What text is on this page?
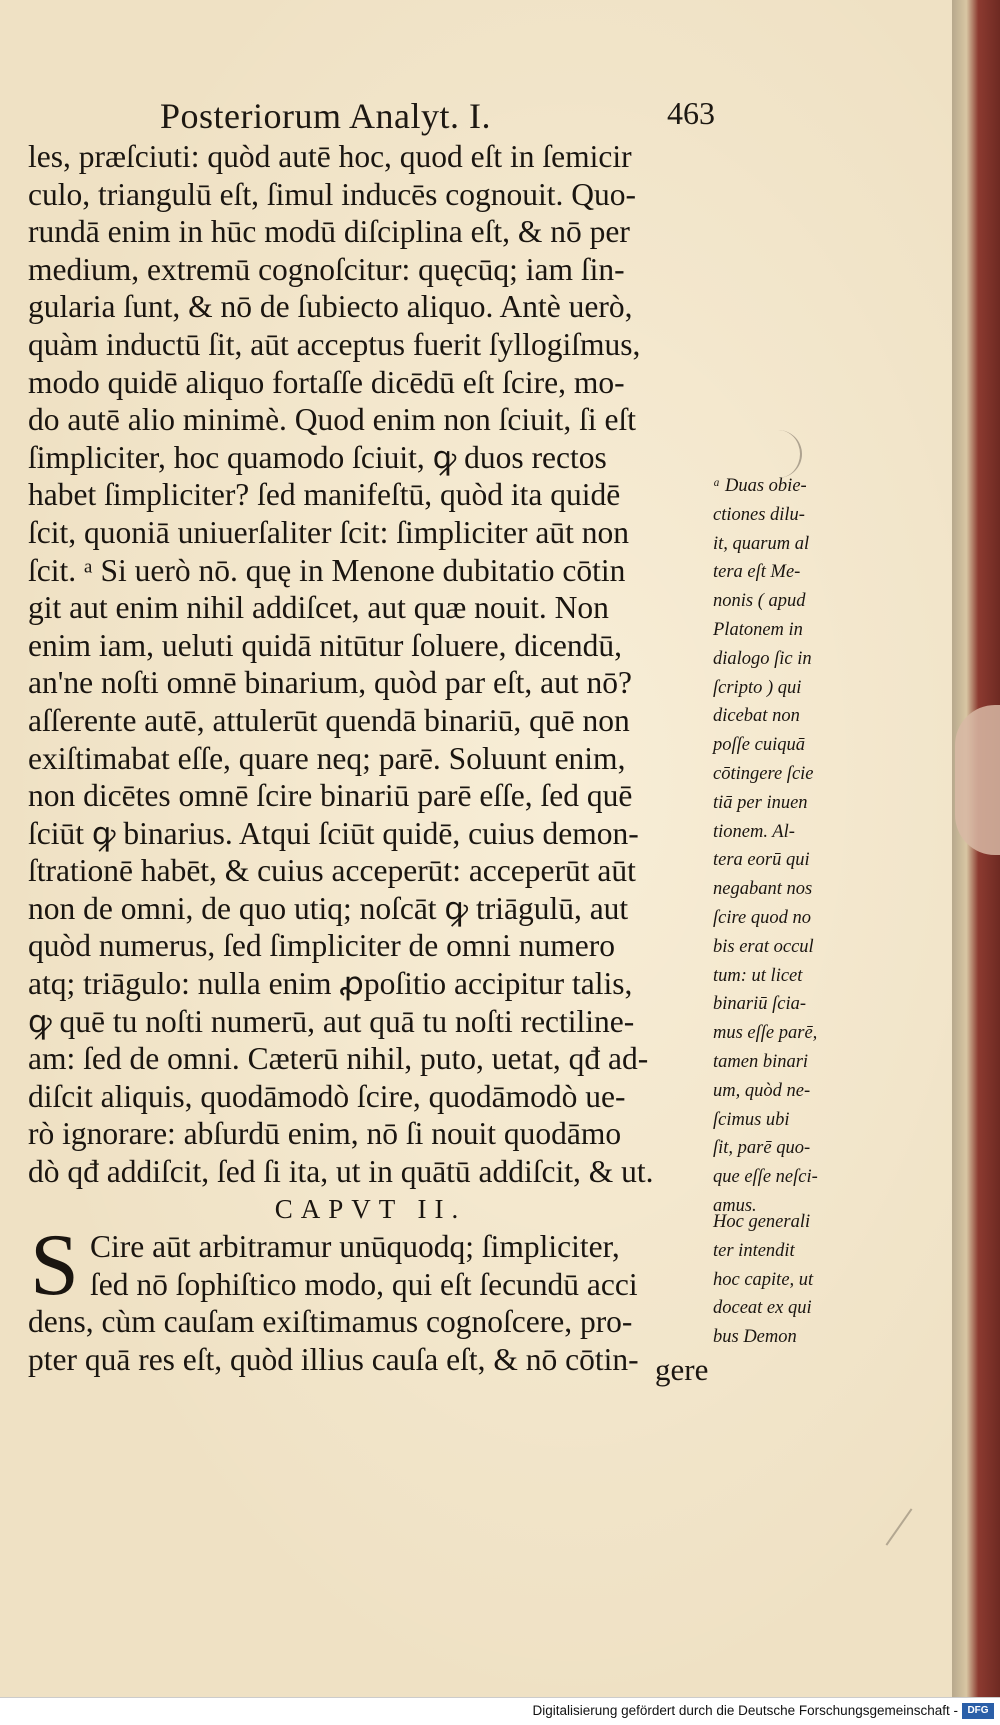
Posteriorum Analyt. I.	463
les, præſciuti: quòd autē hoc, quod eſt in ſemicir
culo, triangulū eſt, ſimul inducēs cognouit. Quo-
rundā enim in hūc modū diſciplina eſt, & nō per
medium, extremū cognoſcitur: quęcūq; iam ſin-
gularia ſunt, & nō de ſubiecto aliquo. Antè uerò,
quàm inductū ſit, aūt acceptus fuerit ſyllogiſmus,
modo quidē aliquo fortaſſe dicēdū eſt ſcire, mo-
do autē alio minimè. Quod enim non ſciuit, ſi eſt
ſimpliciter, hoc quamodo ſciuit, ꝙ duos rectos
habet ſimpliciter? ſed manifeſtū, quòd ita quidē
ſcit, quoniā uniuerſaliter ſcit: ſimpliciter aūt non
ſcit. ᵃ Si uerò nō. quę in Menone dubitatio cōtin
git aut enim nihil addiſcet, aut quæ nouit. Non
enim iam, ueluti quidā nitūtur ſoluere, dicendū,
an'ne noſti omnē binarium, quòd par eſt, aut nō?
aſſerente autē, attulerūt quendā binariū, quē non
exiſtimabat eſſe, quare neq; parē. Soluunt enim,
non dicētes omnē ſcire binariū parē eſſe, ſed quē
ſciūt ꝙ binarius. Atqui ſciūt quidē, cuius demon-
ſtrationē habēt, & cuius acceperūt: acceperūt aūt
non de omni, de quo utiq; noſcāt ꝙ triāgulū, aut
quòd numerus, ſed ſimpliciter de omni numero
atq; triāgulo: nulla enim ꝓpoſitio accipitur talis,
ꝙ quē tu noſti numerū, aut quā tu noſti rectiline-
am: ſed de omni. Cæterū nihil, puto, uetat, qđ ad-
diſcit aliquis, quodāmodò ſcire, quodāmodò ue-
rò ignorare: abſurdū enim, nō ſi nouit quodāmo
dò qđ addiſcit, ſed ſi ita, ut in quātū addiſcit, & ut.
CAPVT II.
S Cire aūt arbitramur unūquodq; ſimpliciter,
ſed nō ſophiſtico modo, qui eſt ſecundū acci
dens, cùm cauſam exiſtimamus cognoſcere, pro-
pter quā res eſt, quòd illius cauſa eſt, & nō cōtin- gere
ᵃ Duas obie-
ctiones dilu-
it, quarum al
tera eſt Me-
nonis ( apud
Platonem in
dialogo ſic in
ſcripto ) qui
dicebat non
poſſe cuiquā
cōtingere ſcie
tiā per inuen
tionem. Al-
tera eorū qui
negabant nos
ſcire quod no
bis erat occul
tum: ut licet
binariū ſcia-
mus eſſe parē,
tamen binari
um, quòd ne-
ſcimus ubi
ſit, parē quo-
que eſſe neſci-
amus.
Hoc generali
ter intendit
hoc capite, ut
doceat ex qui
bus Demon
Digitalisierung gefördert durch die Deutsche Forschungsgemeinschaft - DFG
